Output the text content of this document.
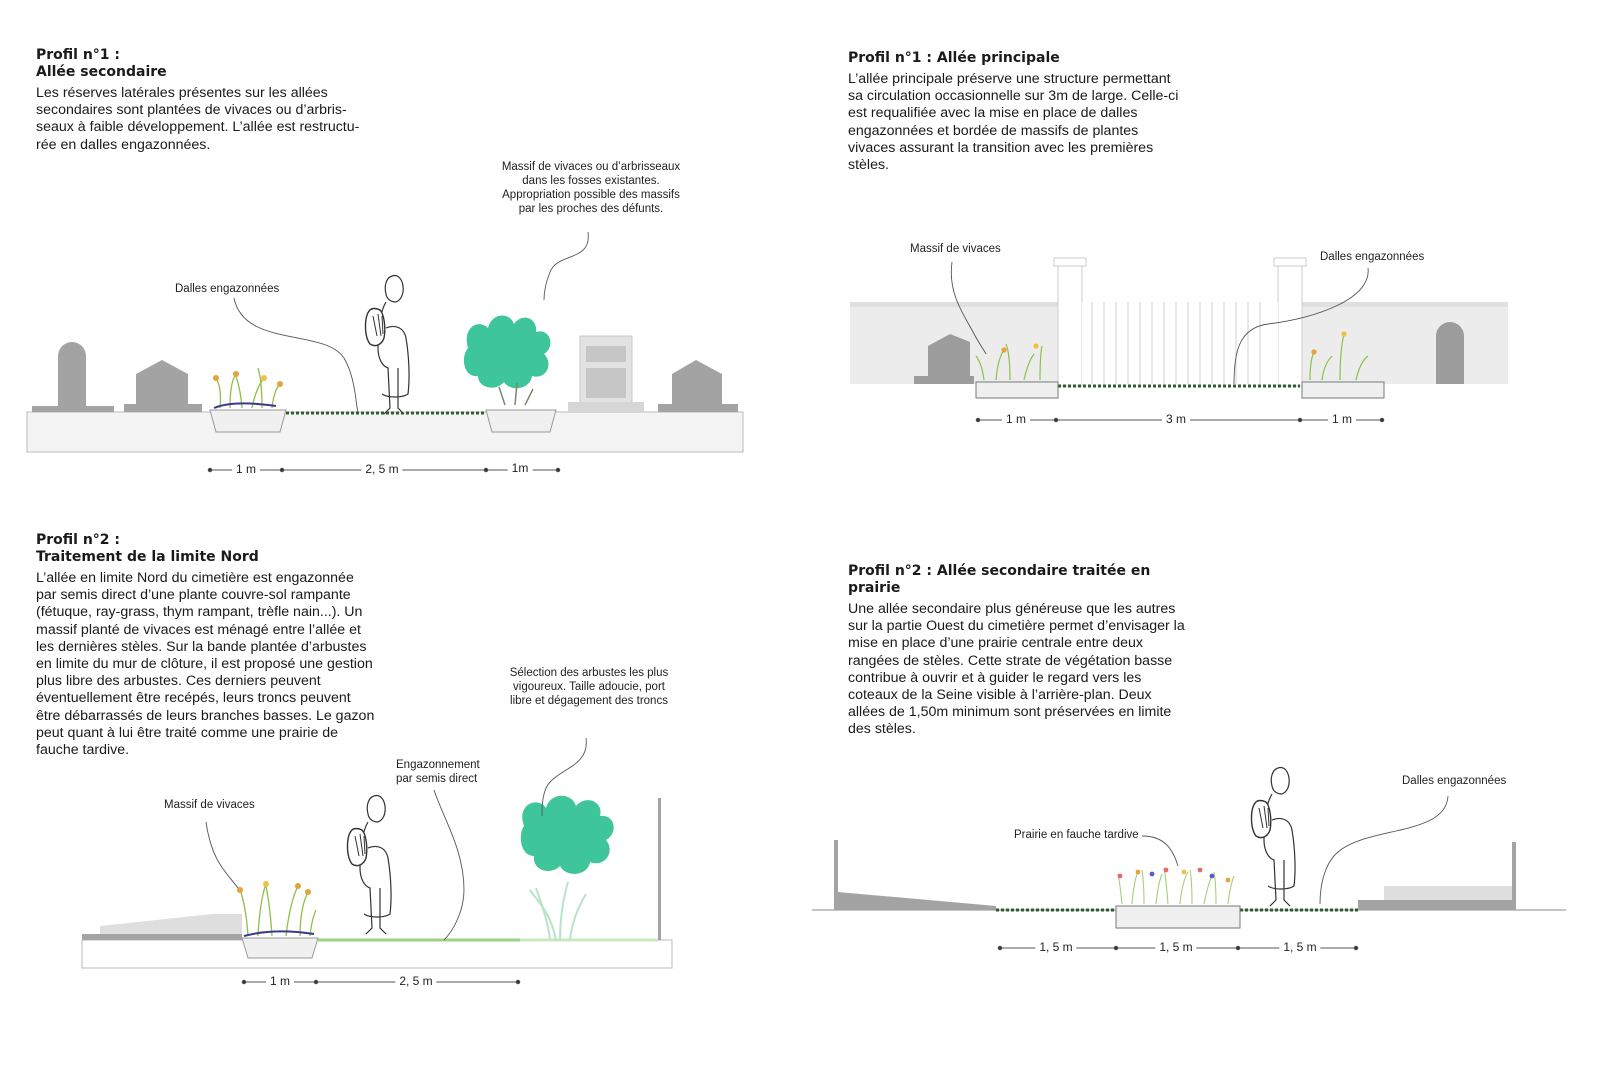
Profil n°1 :

Allée secondaire

Les réserves latérales présentes sur les allées secondaires sont plantées de vivaces ou d’arbris-seaux à faible développement. L’allée est restructu-rée en dalles engazonnées.

Profil n°1 : Allée principale

L’allée principale préserve une structure permettant sa circulation occasionnelle sur 3m de large. Celle-ci est requalifiée avec la mise en place de dalles engazonnées et bordée de massifs de plantes vivaces assurant la transition avec les premières stèles.

Profil n°2 :

Traitement de la limite Nord

L’allée en limite Nord du cimetière est engazonnée par semis direct d’une plante couvre-sol rampante (fétuque, ray-grass, thym rampant, trèfle nain...). Un massif planté de vivaces est ménagé entre l’allée et les dernières stèles. Sur la bande plantée d’arbustes en limite du mur de clôture, il est proposé une gestion plus libre des arbustes. Ces derniers peuvent éventuellement être recépés, leurs troncs peuvent être débarrassés de leurs branches basses. Le gazon peut quant à lui être traité comme une prairie de fauche tardive.

Profil n°2 : Allée secondaire traitée en prairie

Une allée secondaire plus généreuse que les autres sur la partie Ouest du cimetière permet d’envisager la mise en place d’une prairie centrale entre deux rangées de stèles. Cette strate de végétation basse contribue à ouvrir et à guider le regard vers les coteaux de la Seine visible à l’arrière-plan. Deux allées de 1,50m minimum sont préservées en limite des stèles.

Dalles engazonnées
Massif de vivaces ou d’arbrisseaux dans les fosses existantes. Appropriation possible des massifs par les proches des défunts.
1 m	2, 5 m	1m
Massif de vivaces
Dalles engazonnées
1 m	3 m	1 m
Massif de vivaces
Engazonnement par semis direct
Sélection des arbustes les plus vigoureux. Taille adoucie, port libre et dégagement des troncs
1 m	2, 5 m
Prairie en fauche tardive
Dalles engazonnées
1, 5 m	1, 5 m	1, 5 m
